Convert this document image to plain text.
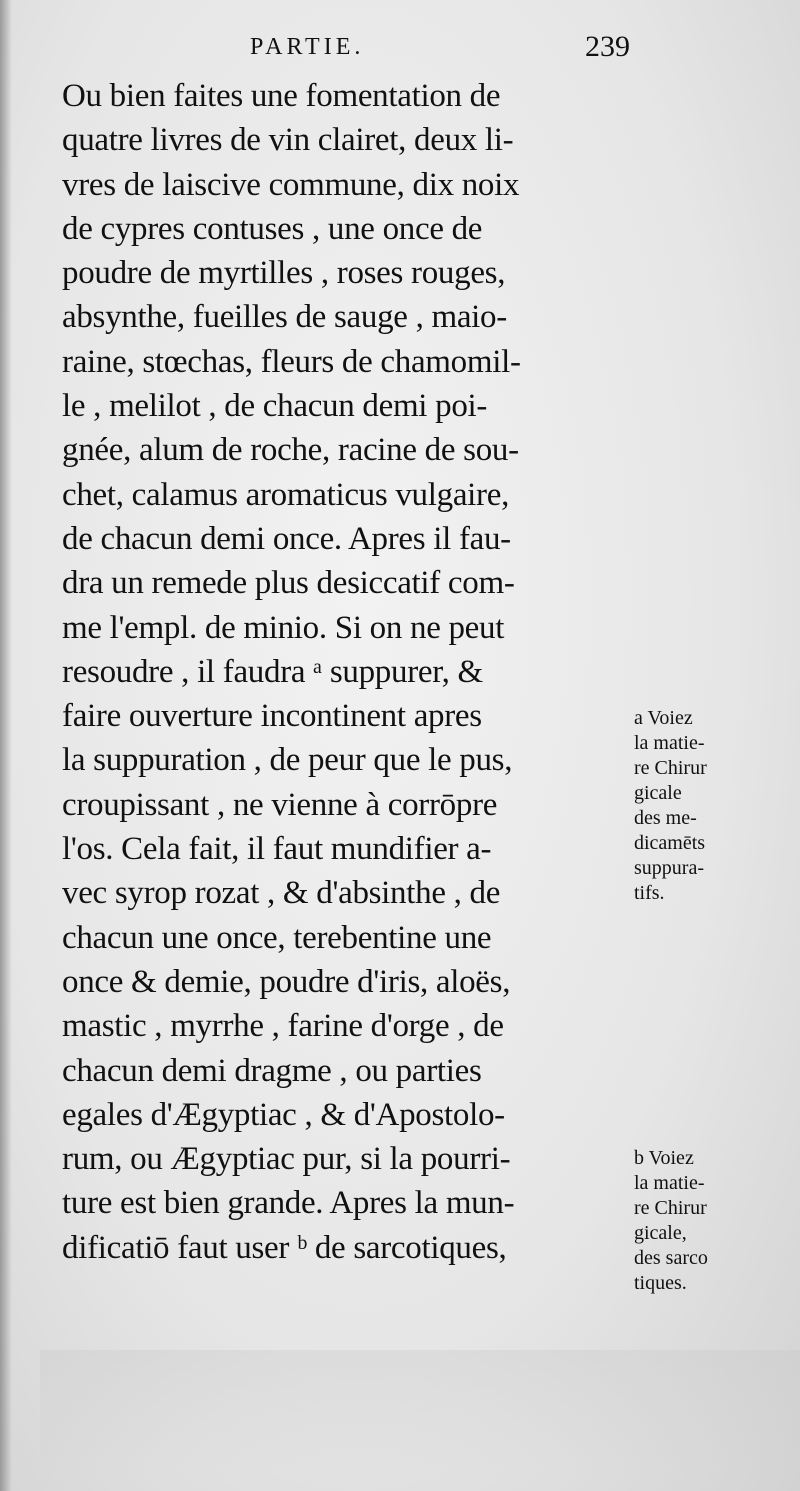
PARTIE.	239
Ou bien faites une fomentation de
quatre livres de vin clairet, deux li-
vres de laiscive commune, dix noix
de cypres contuses , une once de
poudre de myrtilles , roses rouges,
absynthe, fueilles de sauge , maio-
raine, stœchas, fleurs de chamomil-
le , melilot , de chacun demi poi-
gnée, alum de roche, racine de sou-
chet, calamus aromaticus vulgaire,
de chacun demi once. Apres il fau-
dra un remede plus desiccatif com-
me l'empl. de minio. Si on ne peut
resoudre , il faudra ᵃ suppurer, &
faire ouverture incontinent apres
la suppuration , de peur que le pus,
croupissant , ne vienne à corrōpre
l'os. Cela fait, il faut mundifier a-
vec syrop rozat , & d'absinthe , de
chacun une once, terebentine une
once & demie, poudre d'iris, aloës,
mastic , myrrhe , farine d'orge , de
chacun demi dragme , ou parties
egales d'Ægyptiac , & d'Apostolo-
rum, ou Ægyptiac pur, si la pourri-
ture est bien grande. Apres la mun-
dificatiō faut user ᵇ de sarcotiques,
a Voiez
la matie-
re Chirur
gicale
des me-
dicamēts
suppura-
tifs.
b Voiez
la matie-
re Chirur
gicale,
des sarco
tiques.
